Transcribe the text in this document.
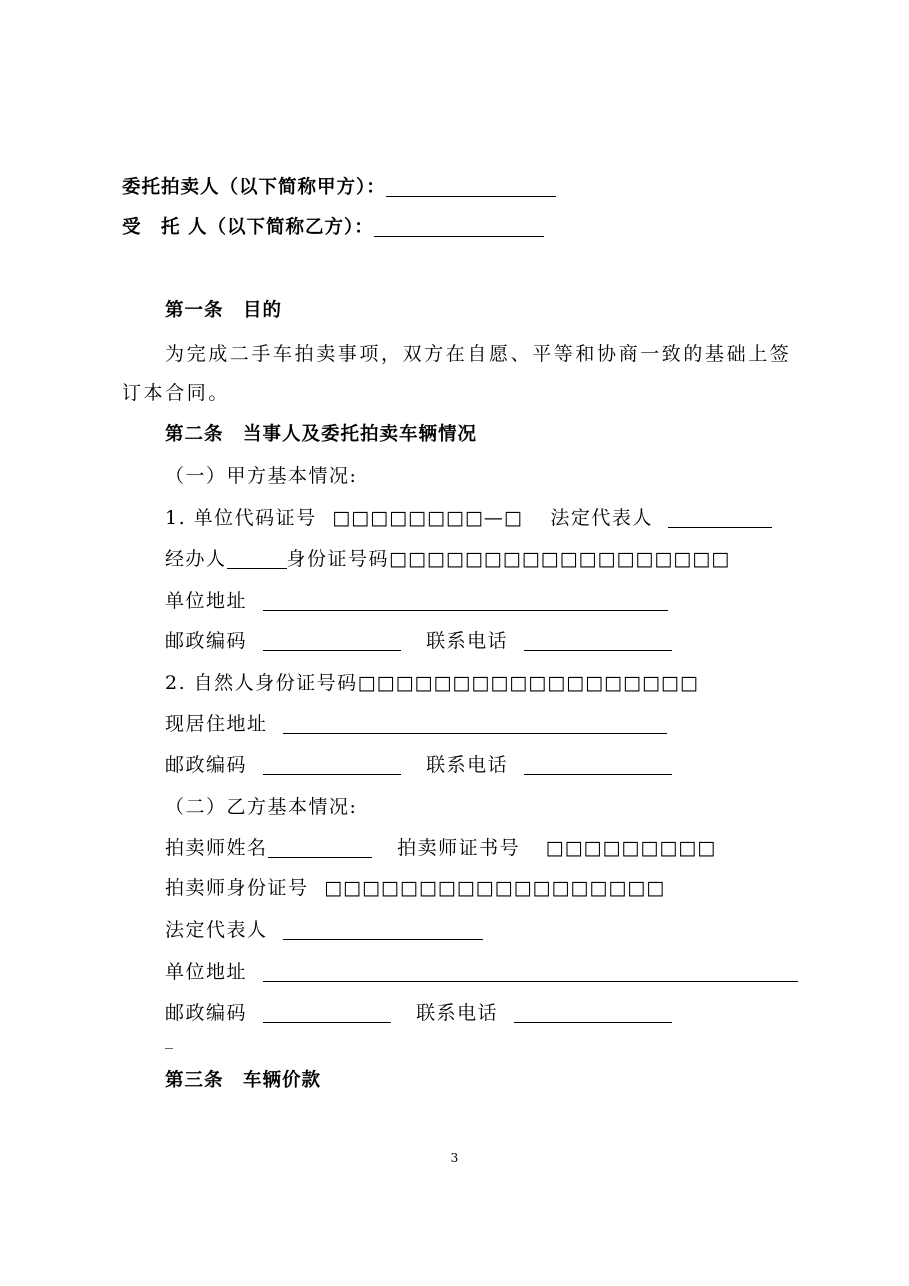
委托拍卖人（以下简称甲方）：
受　托 人（以下简称乙方）：
第一条　目的
为完成二手车拍卖事项，双方在自愿、平等和协商一致的基础上签
订本合同。
第二条　当事人及委托拍卖车辆情况
（一）甲方基本情况:
1. 单位代码证号 □□□□□□□□—□ 法定代表人
经办人	身份证号码□□□□□□□□□□□□□□□□□□
单位地址
邮政编码	联系电话
2. 自然人身份证号码□□□□□□□□□□□□□□□□□□
现居住地址
邮政编码	联系电话
（二）乙方基本情况:
拍卖师姓名	拍卖师证书号 □□□□□□□□□
拍卖师身份证号 □□□□□□□□□□□□□□□□□□
法定代表人
单位地址
邮政编码	联系电话
_
第三条　车辆价款
3
